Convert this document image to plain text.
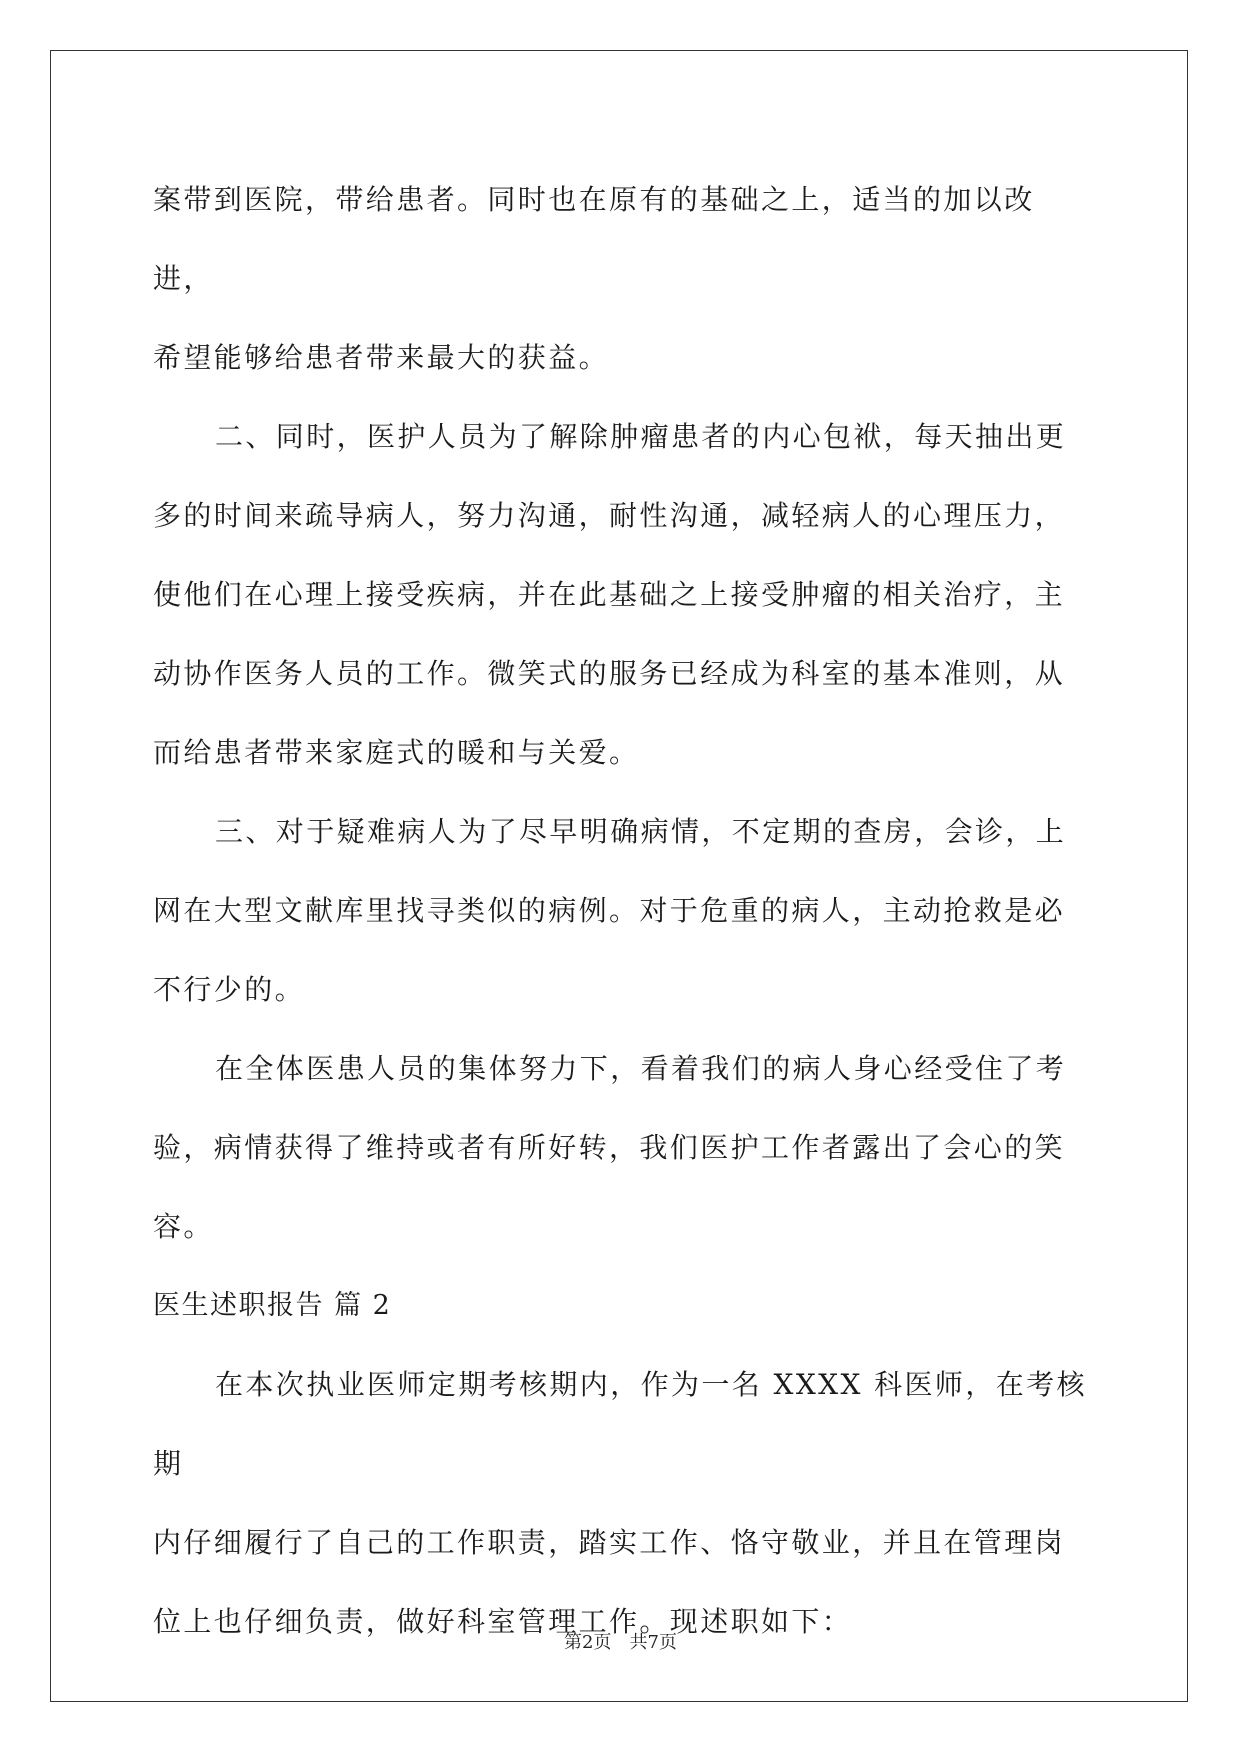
案带到医院，带给患者。同时也在原有的基础之上，适当的加以改进，

希望能够给患者带来最大的获益。

二、同时，医护人员为了解除肿瘤患者的内心包袱，每天抽出更

多的时间来疏导病人，努力沟通，耐性沟通，减轻病人的心理压力，

使他们在心理上接受疾病，并在此基础之上接受肿瘤的相关治疗，主

动协作医务人员的工作。微笑式的服务已经成为科室的基本准则，从

而给患者带来家庭式的暖和与关爱。

三、对于疑难病人为了尽早明确病情，不定期的查房，会诊，上

网在大型文献库里找寻类似的病例。对于危重的病人，主动抢救是必

不行少的。

在全体医患人员的集体努力下，看着我们的病人身心经受住了考

验，病情获得了维持或者有所好转，我们医护工作者露出了会心的笑

容。

医生述职报告 篇 2

在本次执业医师定期考核期内，作为一名 XXXX 科医师，在考核期

内仔细履行了自己的工作职责，踏实工作、恪守敬业，并且在管理岗

位上也仔细负责，做好科室管理工作。现述职如下：

第2页 共7页
